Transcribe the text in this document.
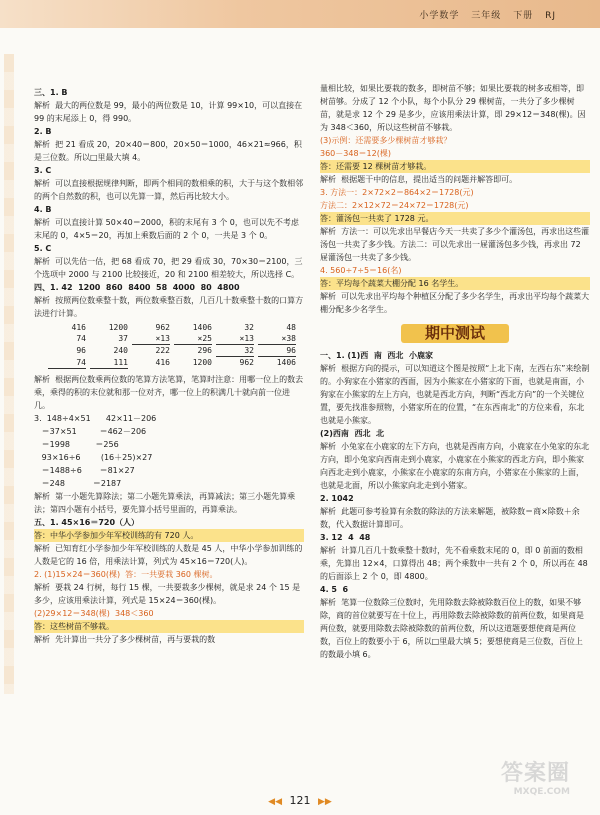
小学数学 三年级 下册 RJ
三、1. B
解析  最大的两位数是 99，最小的两位数是 10，计算 99×10，可以直接在 99 的末尾添上 0，得 990。
2. B
解析  把 21 看成 20，20×40＝800，20×50＝1000，46×21≈966，积是三位数。所以□里最大填 4。
3. C
解析  可以直接根据规律判断，即两个相同的数相乘的积，大于与这个数相邻的两个自然数的积，也可以先算一算，然后再比较大小。
4. B
解析  可以直接计算 50×40＝2000，积的末尾有 3 个 0，也可以先不考虑末尾的 0，4×5＝20，再加上乘数后面的 2 个 0，一共是 3 个 0。
5. C
解析  可以先估一估，把 68 看成 70，把 29 看成 30，70×30＝2100，三个选项中 2000 与 2100 比较接近，20 和 2100 相差较大，所以选择 C。
四、1. 42  1200  860  8400  58  4000  80  4800
解析  按照两位数乘整十数，两位数乘整百数，几百几十数乘整十数的口算方法进行计算。
416	1200	962	1406	32	48
74	37	×13	×25	×13	×38
96	240	222	296	32	96
74	111	416	1200	962	1406
解析  根据两位数乘两位数的笔算方法笔算，笔算时注意：用哪一位上的数去乘，乘得的积的末位就和那一位对齐，哪一位上的积满几十就向前一位进几。
3.  148÷4×51      42×11－206
＝37×51         ＝462－206
＝1998          ＝256
93×16÷6        (16＋25)×27
＝1488÷6       ＝81×27
＝248           ＝2187
解析  第一小题先算除法；第二小题先算乘法，再算减法；第三小题先算乘法；第四小题有小括号，要先算小括号里面的，再算乘法。
五、1. 45×16＝720（人）
答：中华小学参加少年军校训练的有 720 人。
解析  已知育红小学参加少年军校训练的人数是 45 人，中华小学参加训练的人数是它的 16 倍，用乘法计算，列式为 45×16＝720(人)。
2. (1)15×24＝360(棵)  答：一共要栽 360 棵树。
解析  要栽 24 行树，每行 15 棵，一共要栽多少棵树，就是求 24 个 15 是多少，应该用乘法计算，列式是 15×24＝360(棵)。
(2)29×12＝348(棵)  348＜360
答：这些树苗不够栽。
解析  先计算出一共分了多少棵树苗，再与要栽的数
量相比较，如果比要栽的数多，即树苗不够；如果比要栽的树多或相等，即树苗够。分成了 12 个小队，每个小队分 29 棵树苗，一共分了多少棵树苗，就是求 12 个 29 是多少，应该用乘法计算，即 29×12＝348(棵)。因为 348＜360，所以这些树苗不够栽。
(3)示例：还需要多少棵树苗才够栽？
360－348＝12(棵)
答：还需要 12 棵树苗才够栽。
解析  根据题干中的信息，提出适当的问题并解答即可。
3. 方法一：2×72×2＝864×2＝1728(元)
方法二：2×12×72＝24×72＝1728(元)
答：灌汤包一共卖了 1728 元。
解析  方法一：可以先求出早餐店今天一共卖了多少个灌汤包，再求出这些灌汤包一共卖了多少钱。方法二：可以先求出一屉灌汤包多少钱，再求出 72 屉灌汤包一共卖了多少钱。
4. 560÷7÷5＝16(名)
答：平均每个蔬菜大棚分配 16 名学生。
解析  可以先求出平均每个种植区分配了多少名学生，再求出平均每个蔬菜大棚分配多少名学生。
期中测试
一、1. (1)西  南  西北  小鹿家
解析  根据方向的提示，可以知道这个图是按照“上北下南，左西右东”来绘制的。小狗家在小猪家的西面，因为小熊家在小猪家的下面，也就是南面，小狗家在小熊家的左上方向，也就是西北方向，判断“西北方向”的一个关键位置，要先找准参照物，小猪家所在的位置，“在东西南北”的方位来看，东北也就是小熊家。
(2)西南  西北  北
解析  小兔家在小鹿家的左下方向，也就是西南方向，小鹿家在小兔家的东北方向，即小兔家向西南走到小鹿家，小鹿家在小熊家的西北方向，即小熊家向西北走到小鹿家，小熊家在小鹿家的东南方向，小猪家在小熊家的上面，也就是北面，所以小熊家向北走到小猪家。
2. 1042
解析  此题可参考验算有余数的除法的方法来解题，被除数＝商×除数＋余数，代入数据计算即可。
3. 12  4  48
解析  计算几百几十数乘整十数时，先不看乘数末尾的 0，即 0 前面的数相乘，先算出 12×4，口算得出 48；两个乘数中一共有 2 个 0，所以再在 48 的后面添上 2 个 0，即 4800。
4. 5  6
解析  笔算一位数除三位数时，先用除数去除被除数百位上的数，如果不够除，商的首位就要写在十位上，再用除数去除被除数的前两位数，如果商是两位数，就要用除数去除被除数的前两位数，所以这道题要想使商是两位数，百位上的数要小于 6，所以□里最大填 5；要想使商是三位数，百位上的数最小填 6。
◀◀ 121 ▶▶
答案圈
MXQE.COM
